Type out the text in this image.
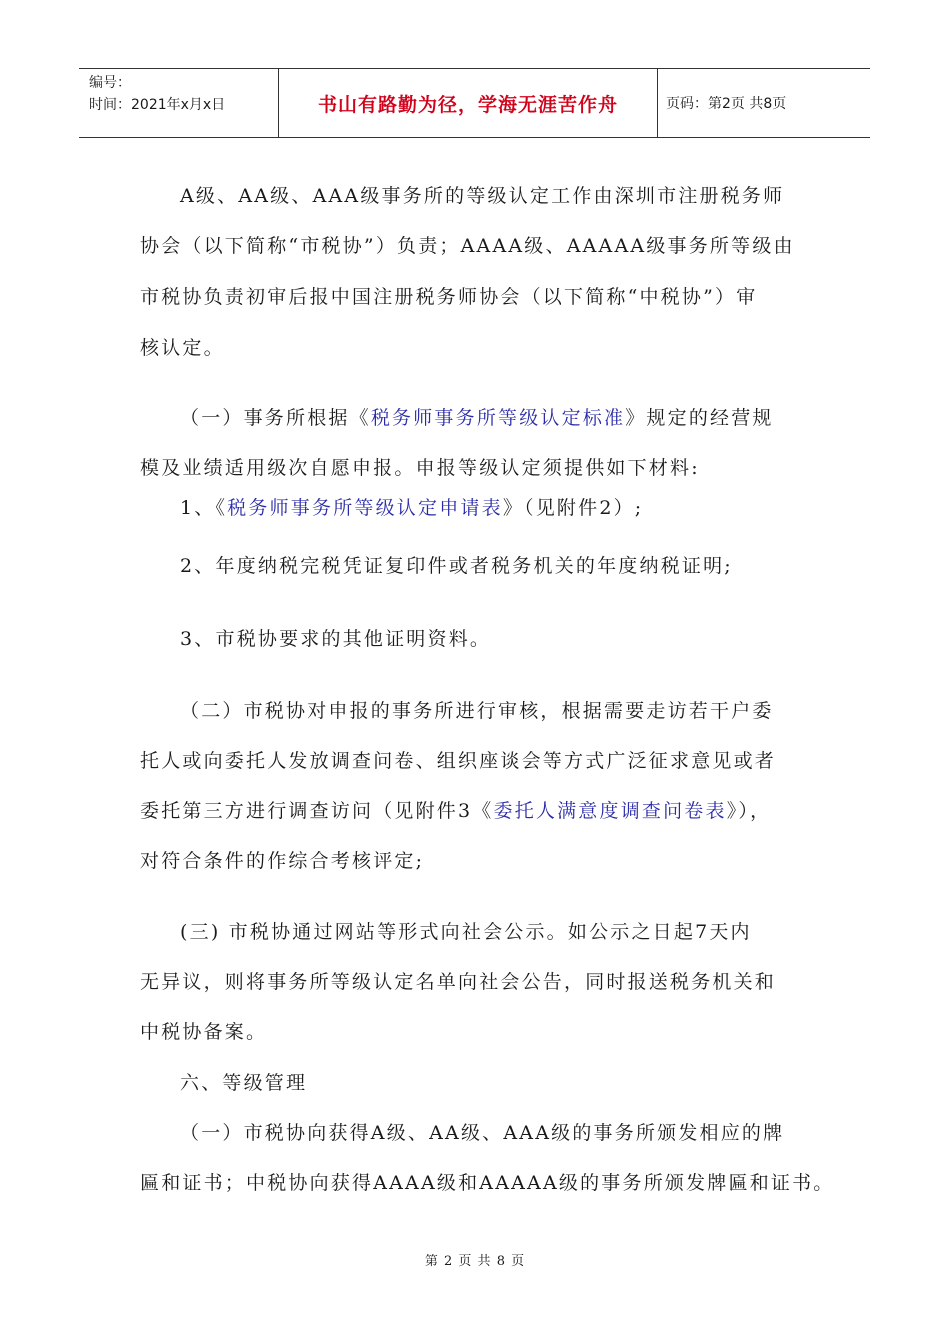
编号：
时间：2021年x月x日	书山有路勤为径，学海无涯苦作舟	页码：第2页 共8页
A级、AA级、AAA级事务所的等级认定工作由深圳市注册税务师
协会（以下简称“市税协”）负责；AAAA级、AAAAA级事务所等级由
市税协负责初审后报中国注册税务师协会（以下简称“中税协”）审
核认定。
（一）事务所根据《税务师事务所等级认定标准》规定的经营规
模及业绩适用级次自愿申报。申报等级认定须提供如下材料:
1、《税务师事务所等级认定申请表》（见附件2）;
2、年度纳税完税凭证复印件或者税务机关的年度纳税证明;
3、市税协要求的其他证明资料。
（二）市税协对申报的事务所进行审核，根据需要走访若干户委
托人或向委托人发放调查问卷、组织座谈会等方式广泛征求意见或者
委托第三方进行调查访问（见附件3《委托人满意度调查问卷表》），
对符合条件的作综合考核评定;
(三) 市税协通过网站等形式向社会公示。如公示之日起7天内
无异议，则将事务所等级认定名单向社会公告，同时报送税务机关和
中税协备案。
六、等级管理
（一）市税协向获得A级、AA级、AAA级的事务所颁发相应的牌
匾和证书；中税协向获得AAAA级和AAAAA级的事务所颁发牌匾和证书。
第 2 页 共 8 页
